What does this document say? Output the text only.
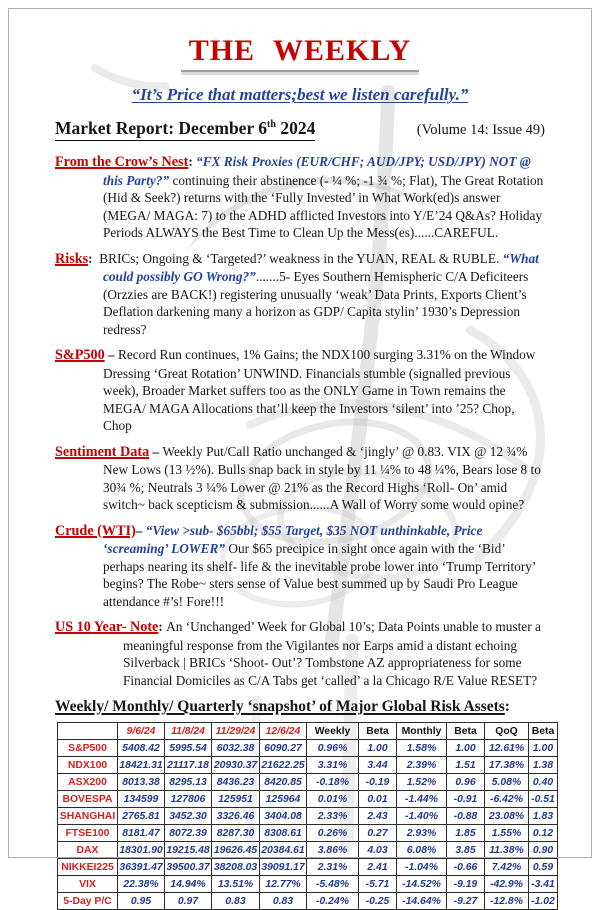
THE WEEKLY
“It’s Price that matters;best we listen carefully.”
Market Report: December 6th 2024	(Volume 14: Issue 49)

From the Crow’s Nest: “FX Risk Proxies (EUR/CHF; AUD/JPY; USD/JPY) NOT @ this Party?” continuing their abstinence (- ¼ %; -1 ¾ %; Flat), The Great Rotation (Hid & Seek?) returns with the ‘Fully Invested’ in What Work(ed)s answer (MEGA/ MAGA: 7) to the ADHD afflicted Investors into Y/E’24 Q&As? Holiday Periods ALWAYS the Best Time to Clean Up the Mess(es)......CAREFUL.

Risks:  BRICs; Ongoing & ‘Targeted?’ weakness in the YUAN, REAL & RUBLE. “What could possibly GO Wrong?”.......5- Eyes Southern Hemispheric C/A Deficiteers (Orzzies are BACK!) registering unusually ‘weak’ Data Prints, Exports Client’s Deflation darkening many a horizon as GDP/ Capita stylin’ 1930’s Depression redress?

S&P500 – Record Run continues, 1% Gains; the NDX100 surging 3.31% on the Window Dressing ‘Great Rotation’ UNWIND. Financials stumble (signalled previous week), Broader Market suffers too as the ONLY Game in Town remains the MEGA/ MAGA Allocations that’ll keep the Investors ‘silent’ into ’25? Chop, Chop

Sentiment Data – Weekly Put/Call Ratio unchanged & ‘jingly’ @ 0.83. VIX @ 12 ¾% New Lows (13 ½%). Bulls snap back in style by 11 ¼% to 48 ¼%, Bears lose 8 to 30¾ %; Neutrals 3 ¼% Lower @ 21% as the Record Highs ‘Roll- On’ amid switch~ back scepticism & submission......A Wall of Worry some would opine?

Crude (WTI)– “View >sub- $65bbl; $55 Target, $35 NOT unthinkable, Price ‘screaming’ LOWER” Our $65 precipice in sight once again with the ‘Bid’ perhaps nearing its shelf- life & the inevitable probe lower into ‘Trump Territory’ begins? The Robe~ sters sense of Value best summed up by Saudi Pro League attendance #’s! Fore!!!

US 10 Year- Note: An ‘Unchanged’ Week for Global 10’s; Data Points unable to muster a meaningful response from the Vigilantes nor Earps amid a distant echoing Silverback | BRICs ‘Shoot- Out’? Tombstone AZ appropriateness for some Financial Domiciles as C/A Tabs get ‘called’ a la Chicago R/E Value RESET?

Weekly/ Monthly/ Quarterly ‘snapshot’ of Major Global Risk Assets:
	9/6/24	11/8/24	11/29/24	12/6/24	Weekly	Beta	Monthly	Beta	QoQ	Beta
S&P500	5408.42	5995.54	6032.38	6090.27	0.96%	1.00	1.58%	1.00	12.61%	1.00
NDX100	18421.31	21117.18	20930.37	21622.25	3.31%	3.44	2.39%	1.51	17.38%	1.38
ASX200	8013.38	8295.13	8436.23	8420.85	-0.18%	-0.19	1.52%	0.96	5.08%	0.40
BOVESPA	134599	127806	125951	125964	0.01%	0.01	-1.44%	-0.91	-6.42%	-0.51
SHANGHAI	2765.81	3452.30	3326.46	3404.08	2.33%	2.43	-1.40%	-0.88	23.08%	1.83
FTSE100	8181.47	8072.39	8287.30	8308.61	0.26%	0.27	2.93%	1.85	1.55%	0.12
DAX	18301.90	19215.48	19626.45	20384.61	3.86%	4.03	6.08%	3.85	11.38%	0.90
NIKKEI225	36391.47	39500.37	38208.03	39091.17	2.31%	2.41	-1.04%	-0.66	7.42%	0.59
VIX	22.38%	14.94%	13.51%	12.77%	-5.48%	-5.71	-14.52%	-9.19	-42.9%	-3.41
5-Day P/C	0.95	0.97	0.83	0.83	-0.24%	-0.25	-14.64%	-9.27	-12.8%	-1.02
